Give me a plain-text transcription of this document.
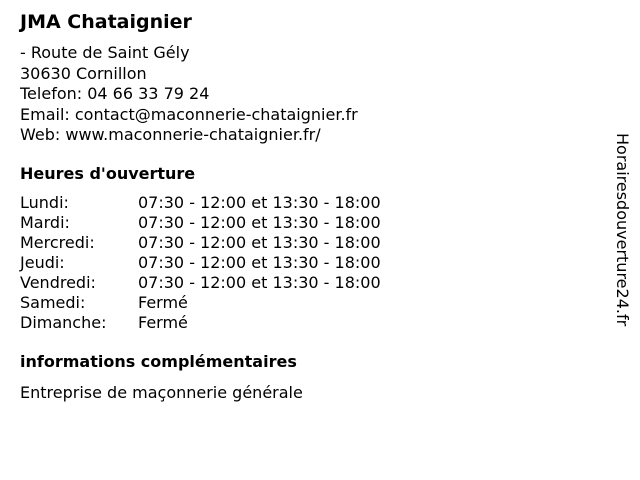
JMA Chataignier
- Route de Saint Gély
30630 Cornillon
Telefon: 04 66 33 79 24
Email: contact@maconnerie-chataignier.fr
Web: www.maconnerie-chataignier.fr/
Heures d'ouverture
Lundi:	07:30 - 12:00 et 13:30 - 18:00
Mardi:	07:30 - 12:00 et 13:30 - 18:00
Mercredi:	07:30 - 12:00 et 13:30 - 18:00
Jeudi:	07:30 - 12:00 et 13:30 - 18:00
Vendredi:	07:30 - 12:00 et 13:30 - 18:00
Samedi:	Fermé
Dimanche:	Fermé
informations complémentaires
Entreprise de maçonnerie générale
Horairesdouverture24.fr
